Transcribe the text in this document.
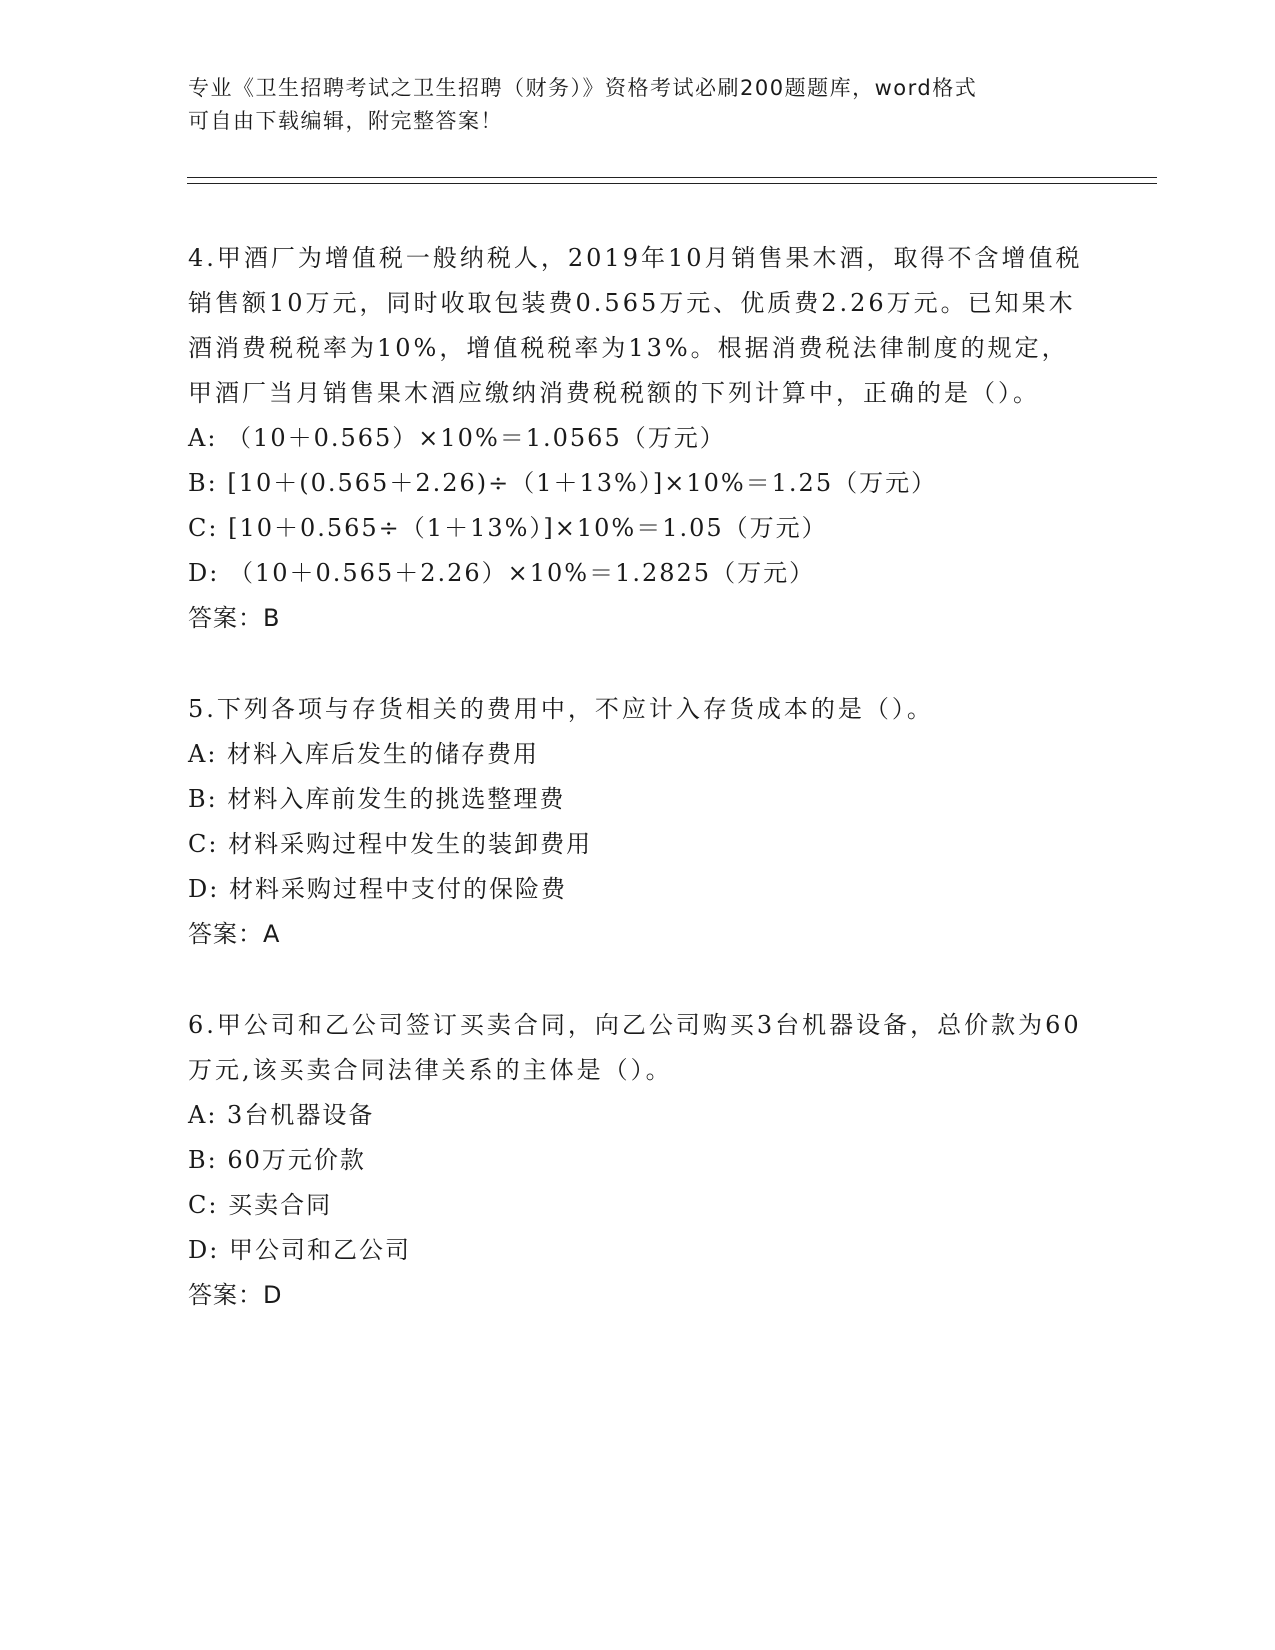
专业《卫生招聘考试之卫生招聘（财务）》资格考试必刷200题题库，word格式
可自由下载编辑，附完整答案！
4.甲酒厂为增值税一般纳税人，2019年10月销售果木酒，取得不含增值税销售额10万元，同时收取包装费0.565万元、优质费2.26万元。已知果木酒消费税税率为10%，增值税税率为13%。根据消费税法律制度的规定，甲酒厂当月销售果木酒应缴纳消费税税额的下列计算中，正确的是（）。
A: （10＋0.565）×10%＝1.0565（万元）
B: [10＋(0.565＋2.26)÷（1＋13%）]×10%＝1.25（万元）
C: [10＋0.565÷（1＋13%）]×10%＝1.05（万元）
D: （10＋0.565＋2.26）×10%＝1.2825（万元）
答案：B
5.下列各项与存货相关的费用中，不应计入存货成本的是（）。
A: 材料入库后发生的储存费用
B: 材料入库前发生的挑选整理费
C: 材料采购过程中发生的装卸费用
D: 材料采购过程中支付的保险费
答案：A
6.甲公司和乙公司签订买卖合同，向乙公司购买3台机器设备，总价款为60万元,该买卖合同法律关系的主体是（）。
A: 3台机器设备
B: 60万元价款
C: 买卖合同
D: 甲公司和乙公司
答案：D
